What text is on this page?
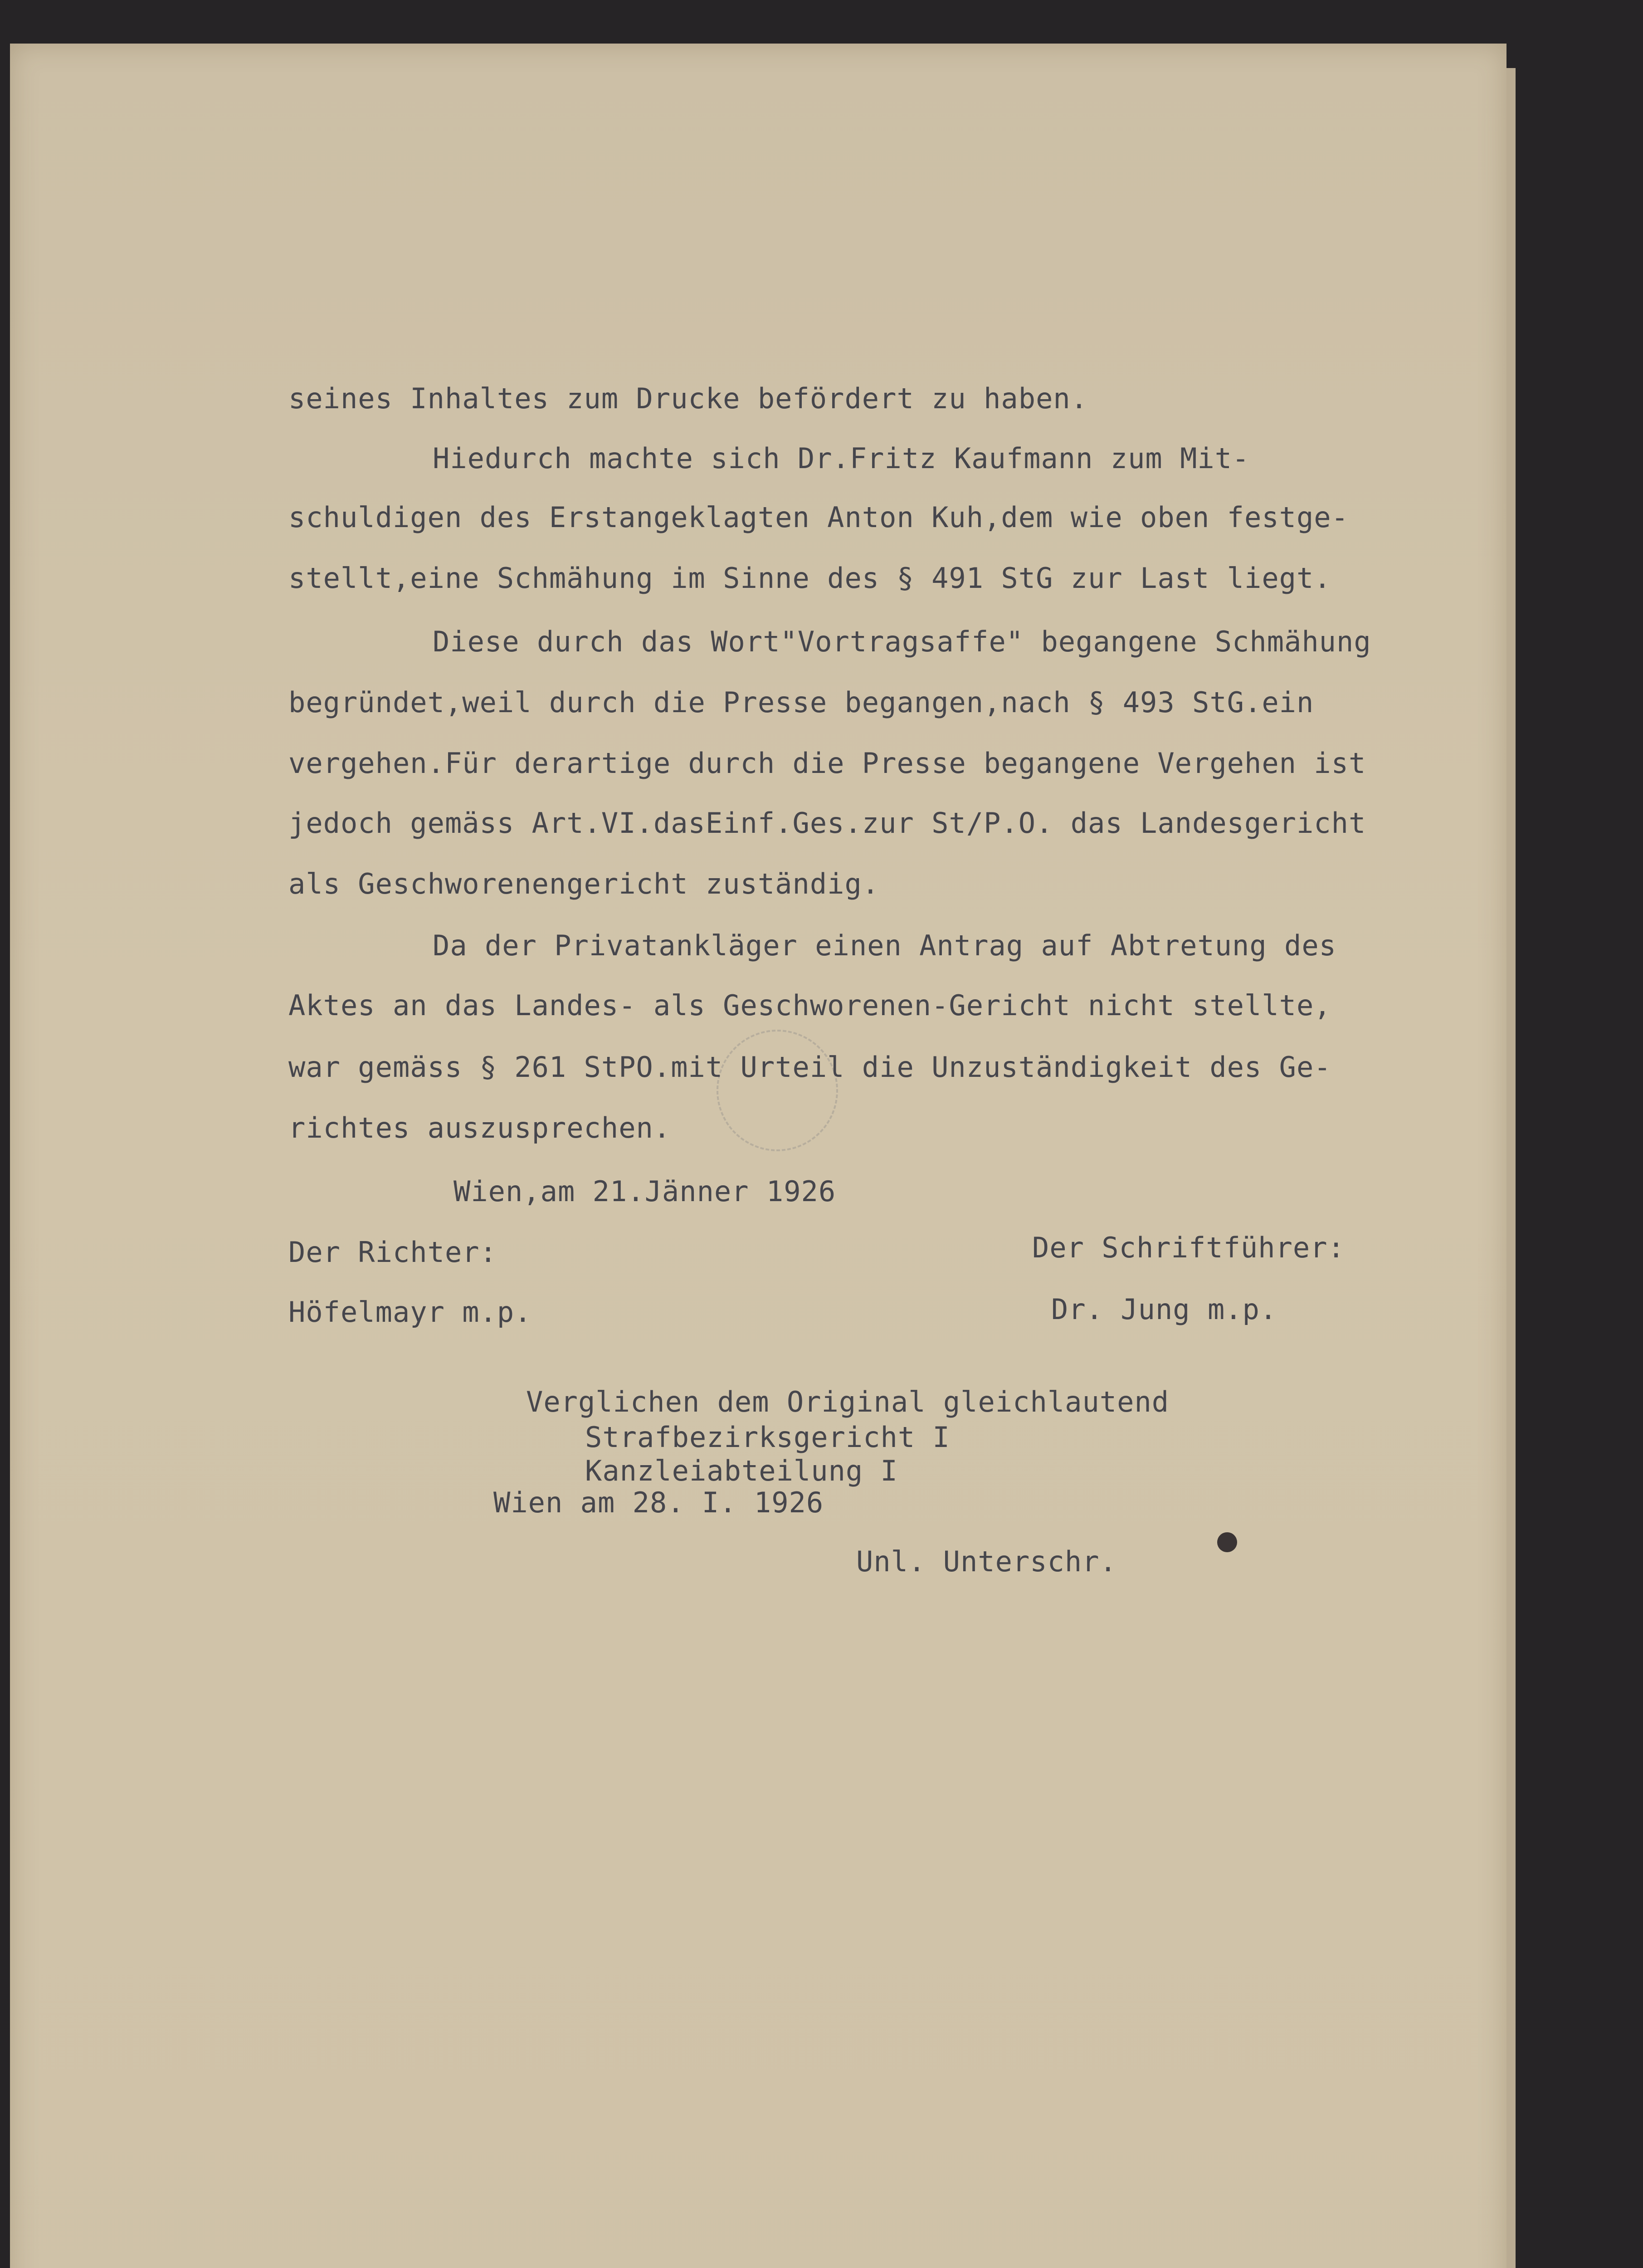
seines Inhaltes zum Drucke befördert zu haben.
Hiedurch machte sich Dr.Fritz Kaufmann zum Mit-
schuldigen des Erstangeklagten Anton Kuh,dem wie oben festge-
stellt,eine Schmähung im Sinne des § 491 StG zur Last liegt.
Diese durch das Wort"Vortragsaffe" begangene Schmähung
begründet,weil durch die Presse begangen,nach § 493 StG.ein
vergehen.Für derartige durch die Presse begangene Vergehen ist
jedoch gemäss Art.VI.dasEinf.Ges.zur St/P.O. das Landesgericht
als Geschworenengericht zuständig.
Da der Privatankläger einen Antrag auf Abtretung des
Aktes an das Landes- als Geschworenen-Gericht nicht stellte,
war gemäss § 261 StPO.mit Urteil die Unzuständigkeit des Ge-
richtes auszusprechen.
Wien,am 21.Jänner 1926
Der Richter:	Der Schriftführer:
Höfelmayr m.p.	Dr. Jung m.p.
Verglichen dem Original gleichlautend
Strafbezirksgericht I
Kanzleiabteilung I
Wien am 28. I. 1926
Unl. Unterschr.
